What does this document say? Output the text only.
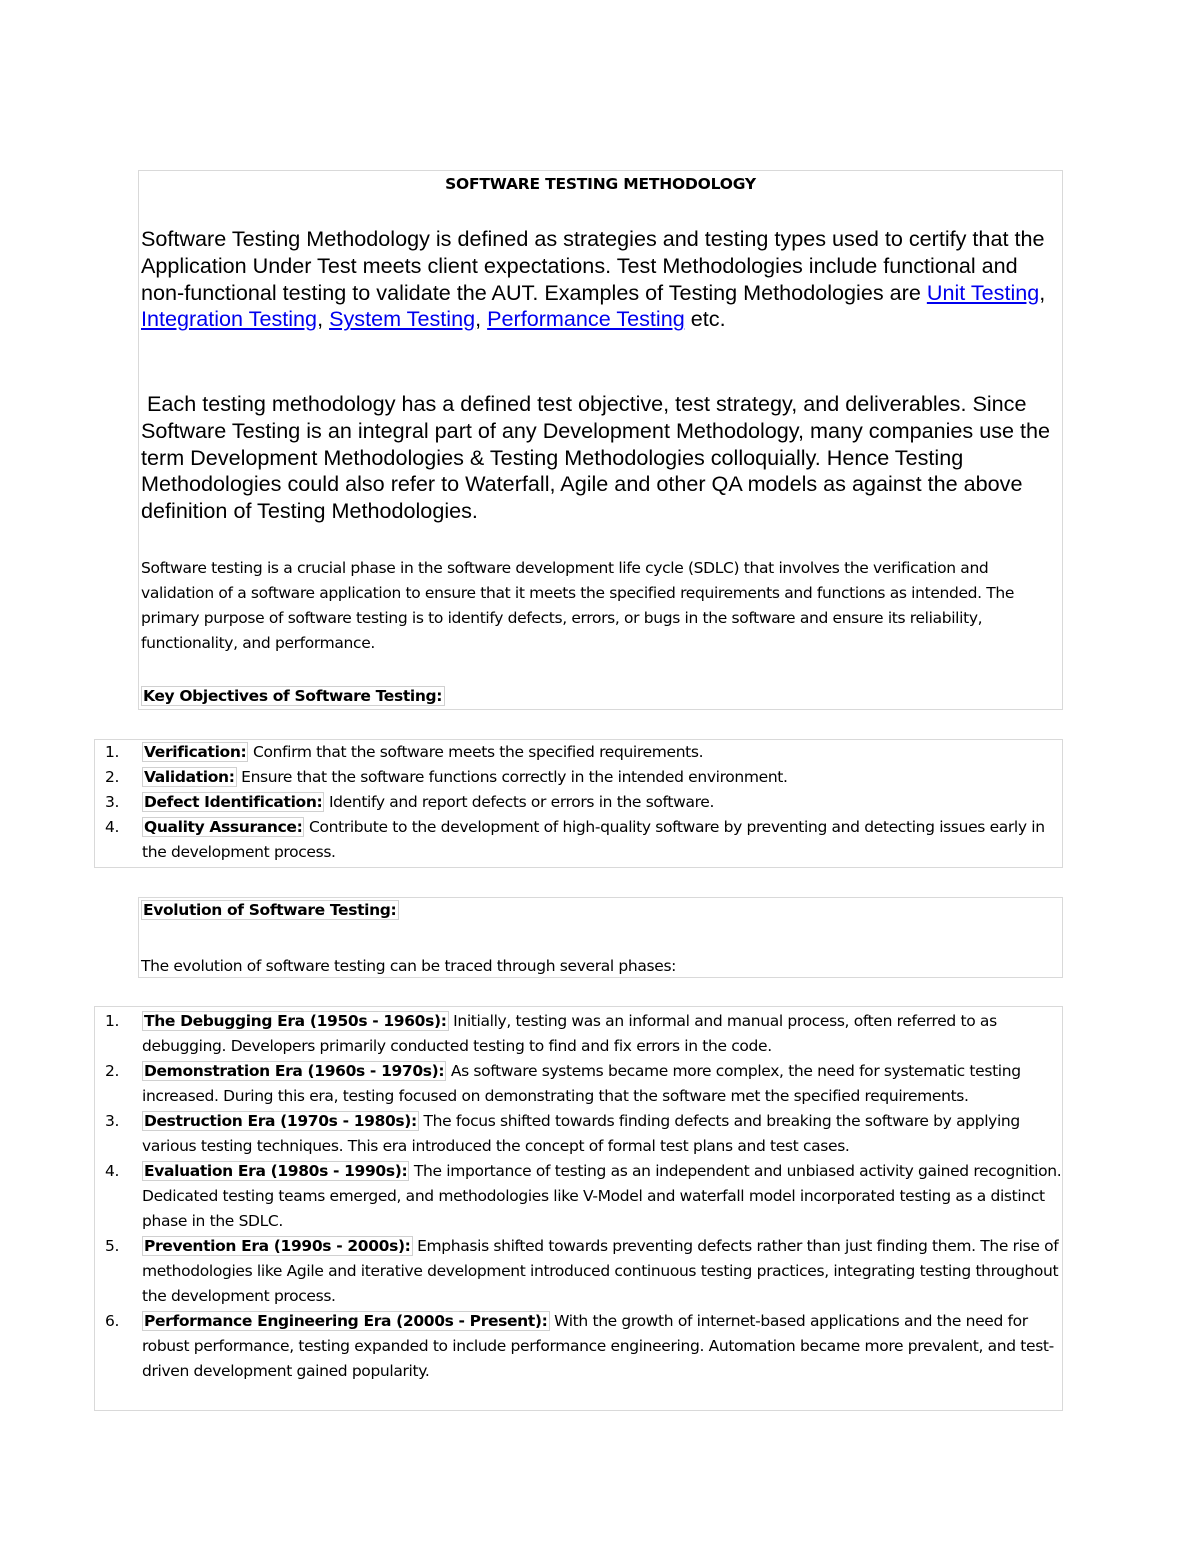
SOFTWARE TESTING METHODOLOGY

Software Testing Methodology is defined as strategies and testing types used to certify that the Application Under Test meets client expectations. Test Methodologies include functional and non-functional testing to validate the AUT. Examples of Testing Methodologies are Unit Testing, Integration Testing, System Testing, Performance Testing etc.

Each testing methodology has a defined test objective, test strategy, and deliverables. Since Software Testing is an integral part of any Development Methodology, many companies use the term Development Methodologies & Testing Methodologies colloquially. Hence Testing Methodologies could also refer to Waterfall, Agile and other QA models as against the above definition of Testing Methodologies.

Software testing is a crucial phase in the software development life cycle (SDLC) that involves the verification and validation of a software application to ensure that it meets the specified requirements and functions as intended. The primary purpose of software testing is to identify defects, errors, or bugs in the software and ensure its reliability, functionality, and performance.

Key Objectives of Software Testing:
1.	Verification: Confirm that the software meets the specified requirements.
2.	Validation: Ensure that the software functions correctly in the intended environment.
3.	Defect Identification: Identify and report defects or errors in the software.
4.	Quality Assurance: Contribute to the development of high-quality software by preventing and detecting issues early in the development process.
Evolution of Software Testing:

The evolution of software testing can be traced through several phases:

1.	The Debugging Era (1950s - 1960s): Initially, testing was an informal and manual process, often referred to as debugging. Developers primarily conducted testing to find and fix errors in the code.
2.	Demonstration Era (1960s - 1970s): As software systems became more complex, the need for systematic testing increased. During this era, testing focused on demonstrating that the software met the specified requirements.
3.	Destruction Era (1970s - 1980s): The focus shifted towards finding defects and breaking the software by applying various testing techniques. This era introduced the concept of formal test plans and test cases.
4.	Evaluation Era (1980s - 1990s): The importance of testing as an independent and unbiased activity gained recognition. Dedicated testing teams emerged, and methodologies like V-Model and waterfall model incorporated testing as a distinct phase in the SDLC.
5.	Prevention Era (1990s - 2000s): Emphasis shifted towards preventing defects rather than just finding them. The rise of methodologies like Agile and iterative development introduced continuous testing practices, integrating testing throughout the development process.
6.	Performance Engineering Era (2000s - Present): With the growth of internet-based applications and the need for robust performance, testing expanded to include performance engineering. Automation became more prevalent, and test-driven development gained popularity.
